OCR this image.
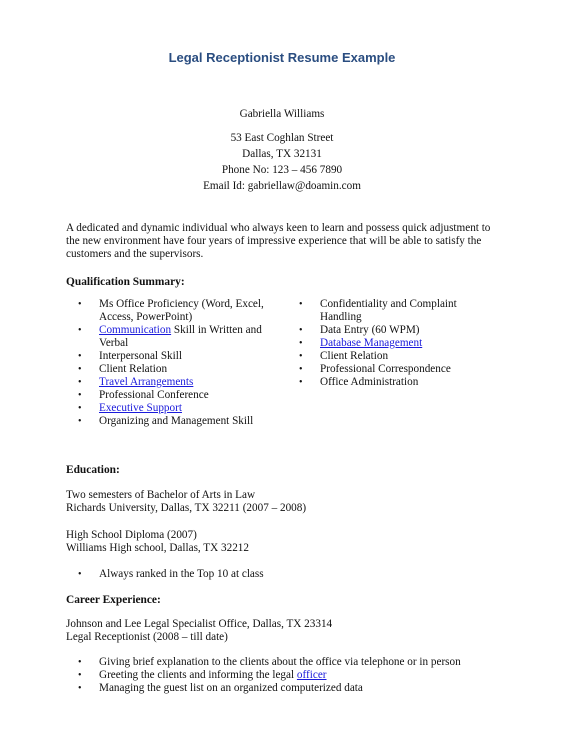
Legal Receptionist Resume Example
Gabriella Williams
53 East Coghlan Street
Dallas, TX 32131
Phone No: 123 – 456 7890
Email Id: gabriellaw@doamin.com
A dedicated and dynamic individual who always keen to learn and possess quick adjustment to the new environment have four years of impressive experience that will be able to satisfy the customers and the supervisors.
Qualification Summary:
• Ms Office Proficiency (Word, Excel, Access, PowerPoint)
• Communication Skill in Written and Verbal
• Interpersonal Skill
• Client Relation
• Travel Arrangements
• Professional Conference
• Executive Support
• Organizing and Management Skill
• Confidentiality and Complaint Handling
• Data Entry (60 WPM)
• Database Management
• Client Relation
• Professional Correspondence
• Office Administration
Education:
Two semesters of Bachelor of Arts in Law
Richards University, Dallas, TX 32211 (2007 – 2008)
High School Diploma (2007)
Williams High school, Dallas, TX 32212
• Always ranked in the Top 10 at class
Career Experience:
Johnson and Lee Legal Specialist Office, Dallas, TX 23314
Legal Receptionist (2008 – till date)
• Giving brief explanation to the clients about the office via telephone or in person
• Greeting the clients and informing the legal officer
• Managing the guest list on an organized computerized data
